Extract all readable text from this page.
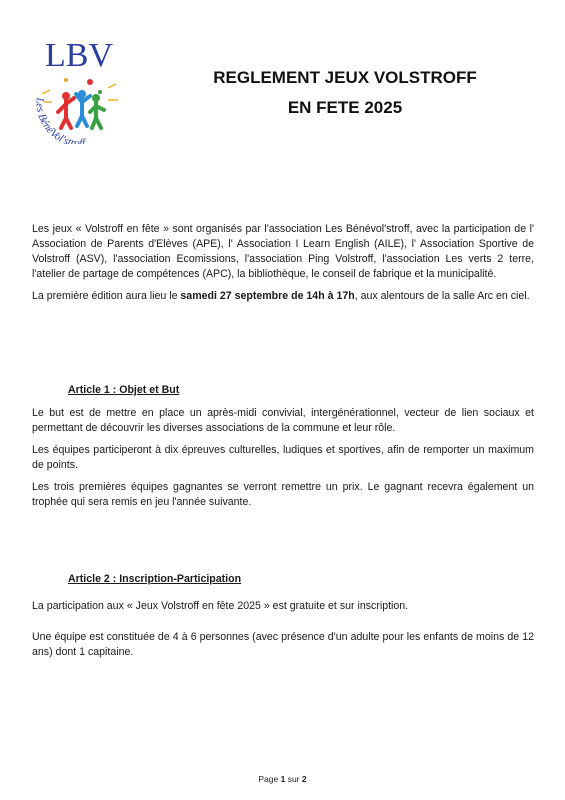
LBV
Les BénéVol'stroff
REGLEMENT JEUX VOLSTROFF
EN FETE 2025

Les jeux « Volstroff en fête » sont organisés par l'association Les Bénévol'stroff, avec la participation de l' Association de Parents d'Elèves (APE), l' Association I Learn English (AILE), l' Association Sportive de Volstroff (ASV), l'association Ecomissions, l'association Ping Volstroff, l'association Les verts 2 terre, l'atelier de partage de compétences (APC), la bibliothèque, le conseil de fabrique et la municipalité.

La première édition aura lieu le samedi 27 septembre de 14h à 17h, aux alentours de la salle Arc en ciel.

Article 1 : Objet et But

Le but est de mettre en place un après-midi convivial, intergénérationnel, vecteur de lien sociaux et permettant de découvrir les diverses associations de la commune et leur rôle.

Les équipes participeront à dix épreuves culturelles, ludiques et sportives, afin de remporter un maximum de points.

Les trois premières équipes gagnantes se verront remettre un prix. Le gagnant recevra également un trophée qui sera remis en jeu l'année suivante.

Article 2 : Inscription-Participation

La participation aux « Jeux Volstroff en fête 2025 » est gratuite et sur inscription.

Une équipe est constituée de 4 à 6 personnes (avec présence d'un adulte pour les enfants de moins de 12 ans) dont 1 capitaine.

Page 1 sur 2
